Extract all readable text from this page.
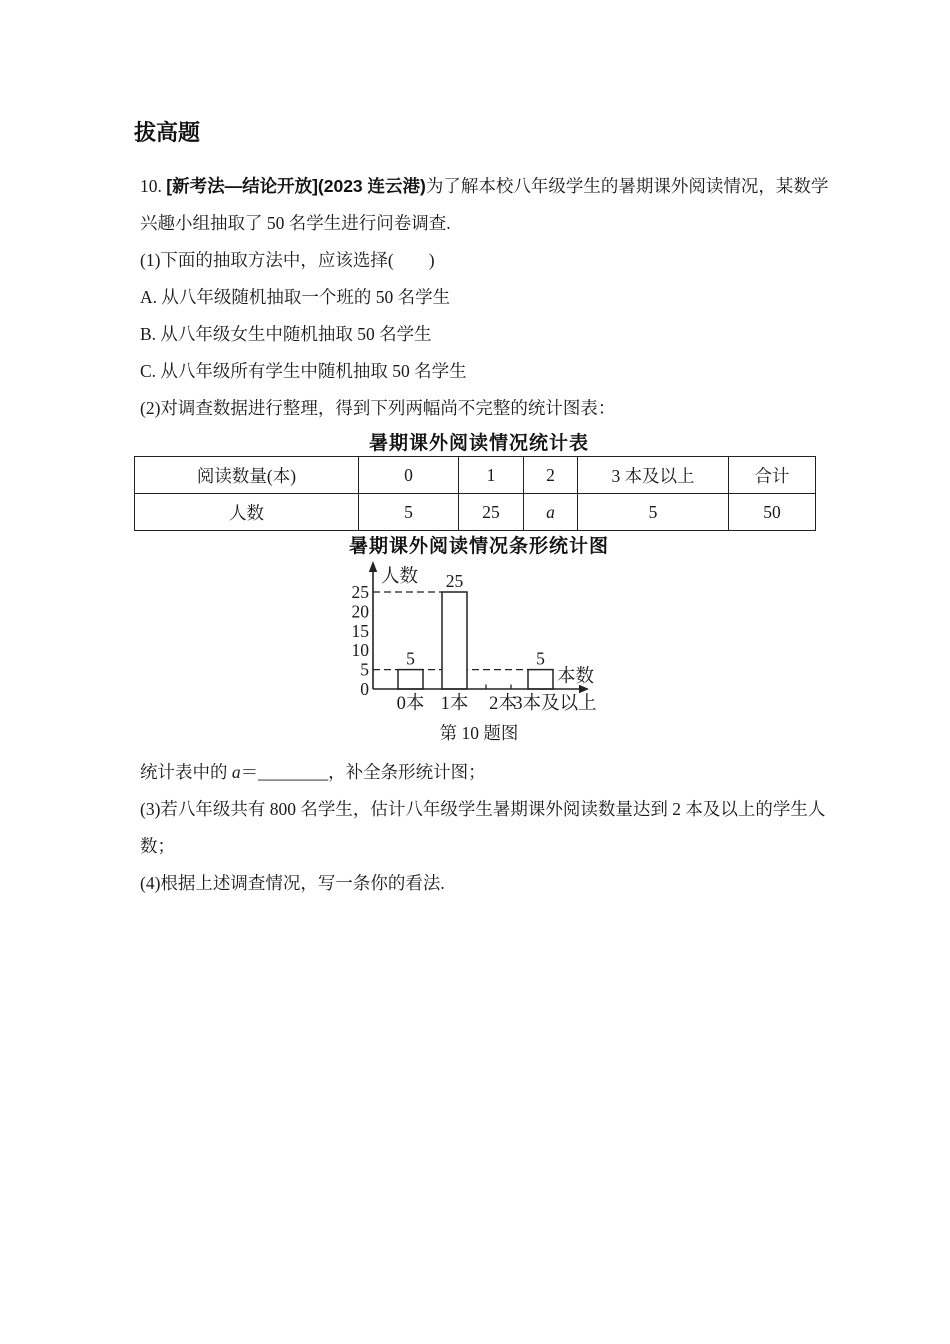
拔高题
10. [新考法—结论开放](2023 连云港)为了解本校八年级学生的暑期课外阅读情况，某数学
兴趣小组抽取了 50 名学生进行问卷调查.
(1)下面的抽取方法中，应该选择(　　)
A. 从八年级随机抽取一个班的 50 名学生
B. 从八年级女生中随机抽取 50 名学生
C. 从八年级所有学生中随机抽取 50 名学生
(2)对调查数据进行整理，得到下列两幅尚不完整的统计图表：
暑期课外阅读情况统计表
阅读数量(本)	0	1	2	3 本及以上	合计
人数	5	25	a	5	50
暑期课外阅读情况条形统计图
5
25
5
0
5
10
15
20
25
人数
本数
0本 1本 2本
3本及以上
第 10 题图
统计表中的 a＝________，补全条形统计图；
(3)若八年级共有 800 名学生，估计八年级学生暑期课外阅读数量达到 2 本及以上的学生人
数；
(4)根据上述调查情况，写一条你的看法.
